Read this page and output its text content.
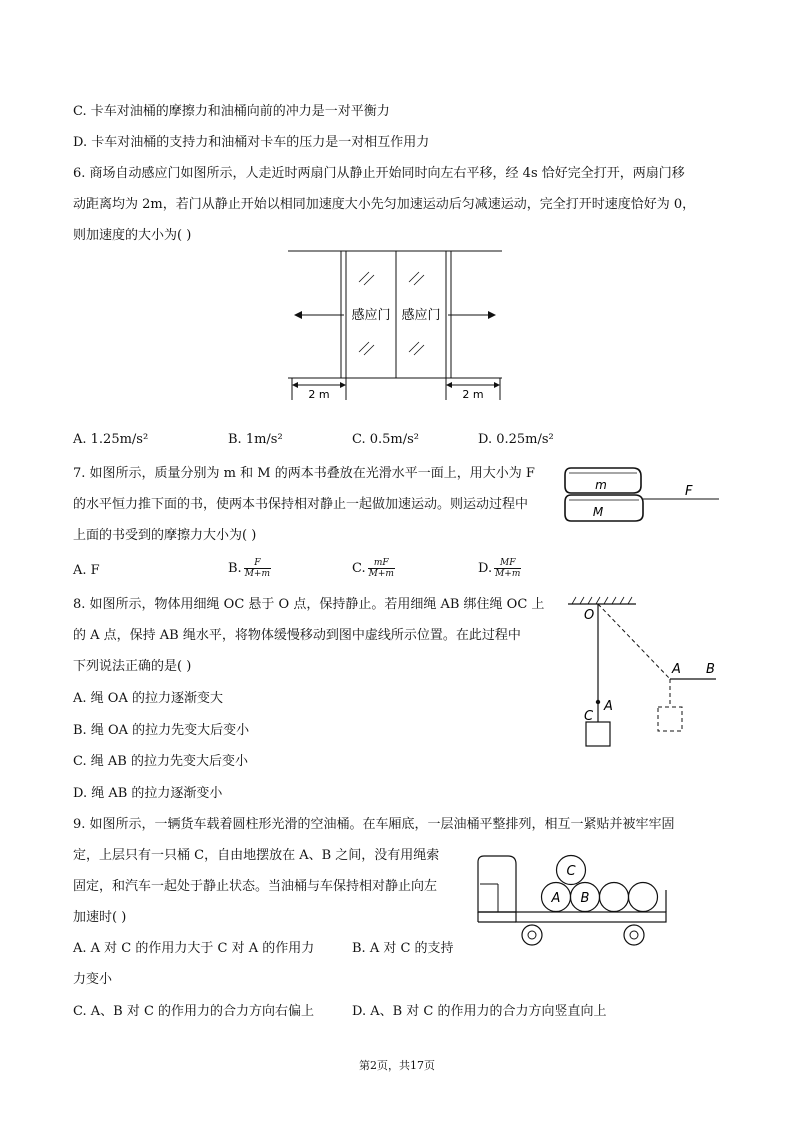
C. 卡车对油桶的摩擦力和油桶向前的冲力是一对平衡力
D. 卡车对油桶的支持力和油桶对卡车的压力是一对相互作用力
6. 商场自动感应门如图所示，人走近时两扇门从静止开始同时向左右平移，经 4s 恰好完全打开，两扇门移
动距离均为 2m，若门从静止开始以相同加速度大小先匀加速运动后匀减速运动，完全打开时速度恰好为 0，
则加速度的大小为( )
感应门 感应门
2 m	2 m
A. 1.25m/s²	B. 1m/s²	C. 0.5m/s²	D. 0.25m/s²
7. 如图所示，质量分别为 m 和 M 的两本书叠放在光滑水平一面上，用大小为 F
的水平恒力推下面的书，使两本书保持相对静止一起做加速运动。则运动过程中
上面的书受到的摩擦力大小为( )
m
M
F
A. F	B. $\frac{F}{M+m}$	C. $\frac{mF}{M+m}$	D. $\frac{MF}{M+m}$
8. 如图所示，物体用细绳 OC 悬于 O 点，保持静止。若用细绳 AB 绑住绳 OC 上
的 A 点，保持 AB 绳水平，将物体缓慢移动到图中虚线所示位置。在此过程中
下列说法正确的是( )
A. 绳 OA 的拉力逐渐变大
B. 绳 OA 的拉力先变大后变小
C. 绳 AB 的拉力先变大后变小
D. 绳 AB 的拉力逐渐变小
O
A
C
A B
9. 如图所示，一辆货车载着圆柱形光滑的空油桶。在车厢底，一层油桶平整排列，相互一紧贴并被牢牢固
定，上层只有一只桶 C，自由地摆放在 A、B 之间，没有用绳索
固定，和汽车一起处于静止状态。当油桶与车保持相对静止向左
加速时( )
A. A 对 C 的作用力大于 C 对 A 的作用力	B. A 对 C 的支持
力变小
C. A、B 对 C 的作用力的合力方向右偏上	D. A、B 对 C 的作用力的合力方向竖直向上
C
A B
第2页，共17页
